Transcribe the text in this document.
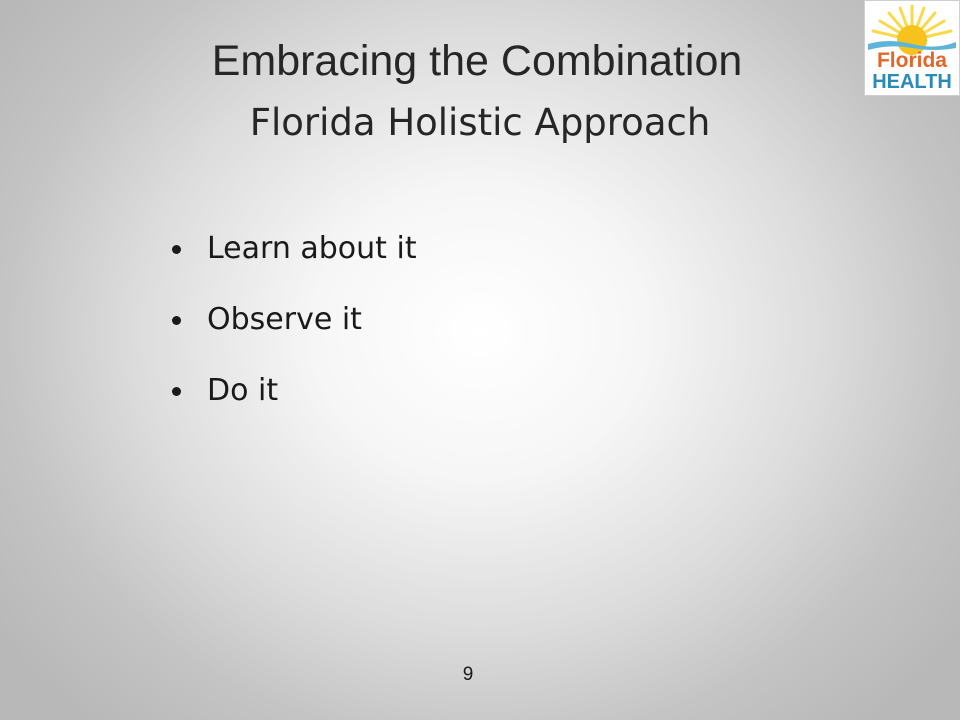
Embracing the Combination
Florida Holistic Approach
Florida
HEALTH
Learn about it
Observe it
Do it
9
